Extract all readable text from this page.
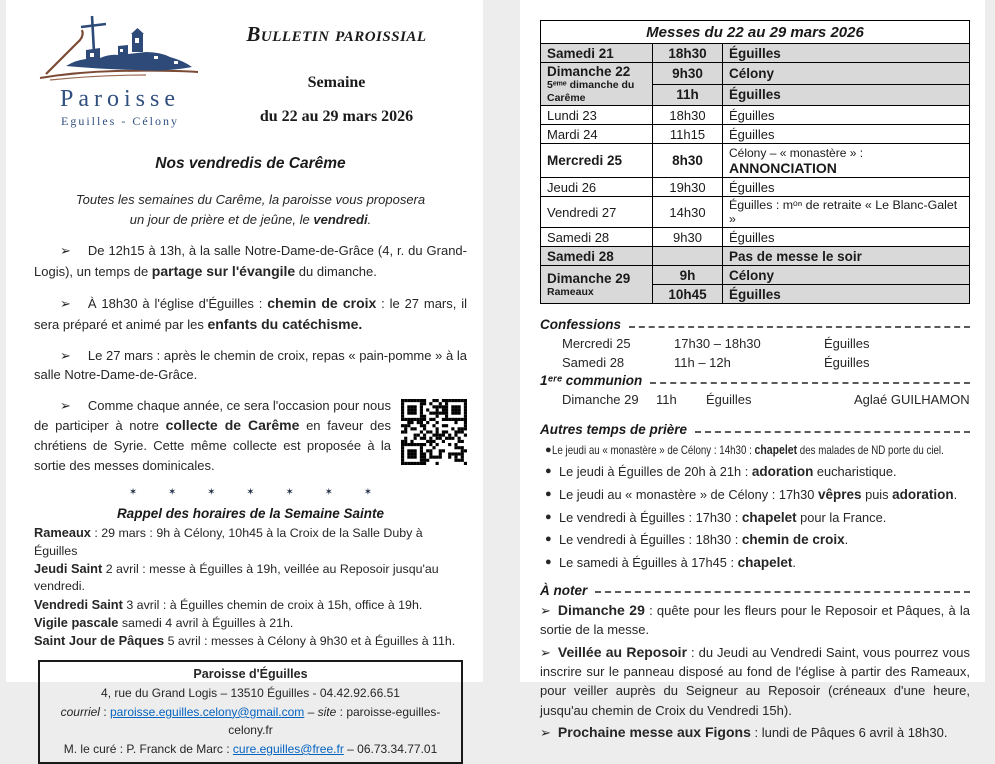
Paroisse
Eguilles - Célony
Bulletin paroissial
Semaine
du 22 au 29 mars 2026
Nos vendredis de Carême
Toutes les semaines du Carême, la paroisse vous proposera
un jour de prière et de jeûne, le vendredi.

➢ De 12h15 à 13h, à la salle Notre-Dame-de-Grâce (4, r. du Grand-Logis), un temps de partage sur l'évangile du dimanche.

➢ À 18h30 à l'église d'Éguilles : chemin de croix : le 27 mars, il sera préparé et animé par les enfants du catéchisme.

➢ Le 27 mars : après le chemin de croix, repas « pain-pomme » à la salle Notre-Dame-de-Grâce.

➢ Comme chaque année, ce sera l'occasion pour nous de participer à notre collecte de Carême en faveur des chrétiens de Syrie. Cette même collecte est proposée à la sortie des messes dominicales.

✶ ✶ ✶ ✶ ✶ ✶ ✶
Rappel des horaires de la Semaine Sainte
Rameaux : 29 mars : 9h à Célony, 10h45 à la Croix de la Salle Duby à Éguilles
Jeudi Saint 2 avril : messe à Éguilles à 19h, veillée au Reposoir jusqu'au vendredi.
Vendredi Saint 3 avril : à Éguilles chemin de croix à 15h, office à 19h.
Vigile pascale samedi 4 avril à Éguilles à 21h.
Saint Jour de Pâques 5 avril : messes à Célony à 9h30 et à Éguilles à 11h.
Paroisse d'Éguilles
4, rue du Grand Logis – 13510 Éguilles - 04.42.92.66.51
courriel : paroisse.eguilles.celony@gmail.com – site : paroisse-eguilles-celony.fr
M. le curé : P. Franck de Marc : cure.eguilles@free.fr – 06.73.34.77.01
Messes du 22 au 29 mars 2026		
Samedi 21	18h30	Éguilles

Dimanche 22
5ᵉᵐᵉ dimanche du Carême	9h30	Célony
	11h	Éguilles
Lundi 23	18h30	Éguilles
Mardi 24	11h15	Éguilles
Mercredi 25	8h30	Célony – « monastère » : ANNONCIATION
Jeudi 26	19h30	Éguilles
Vendredi 27	14h30	Éguilles : mᵒⁿ de retraite « Le Blanc-Galet »
Samedi 28	9h30	Éguilles
Samedi 28		Pas de messe le soir

Dimanche 29
Rameaux	9h	Célony
	10h45	Éguilles
Confessions
Mercredi 25	17h30 – 18h30	Éguilles
Samedi 28	11h – 12h	Éguilles
1ᵉʳᵉ communion
Dimanche 29	11h	Éguilles	Aglaé GUILHAMON
Autres temps de prière
● Le jeudi au « monastère » de Célony : 14h30 : chapelet des malades de ND porte du ciel.
● Le jeudi à Éguilles de 20h à 21h : adoration eucharistique.
● Le jeudi au « monastère » de Célony : 17h30 vêpres puis adoration.
● Le vendredi à Éguilles : 17h30 : chapelet pour la France.
● Le vendredi à Éguilles : 18h30 : chemin de croix.
● Le samedi à Éguilles à 17h45 : chapelet.
À noter
➢ Dimanche 29 : quête pour les fleurs pour le Reposoir et Pâques, à la sortie de la messe.
➢ Veillée au Reposoir : du Jeudi au Vendredi Saint, vous pourrez vous inscrire sur le panneau disposé au fond de l'église à partir des Rameaux, pour veiller auprès du Seigneur au Reposoir (créneaux d'une heure, jusqu'au chemin de Croix du Vendredi 15h).
➢ Prochaine messe aux Figons : lundi de Pâques 6 avril à 18h30.
